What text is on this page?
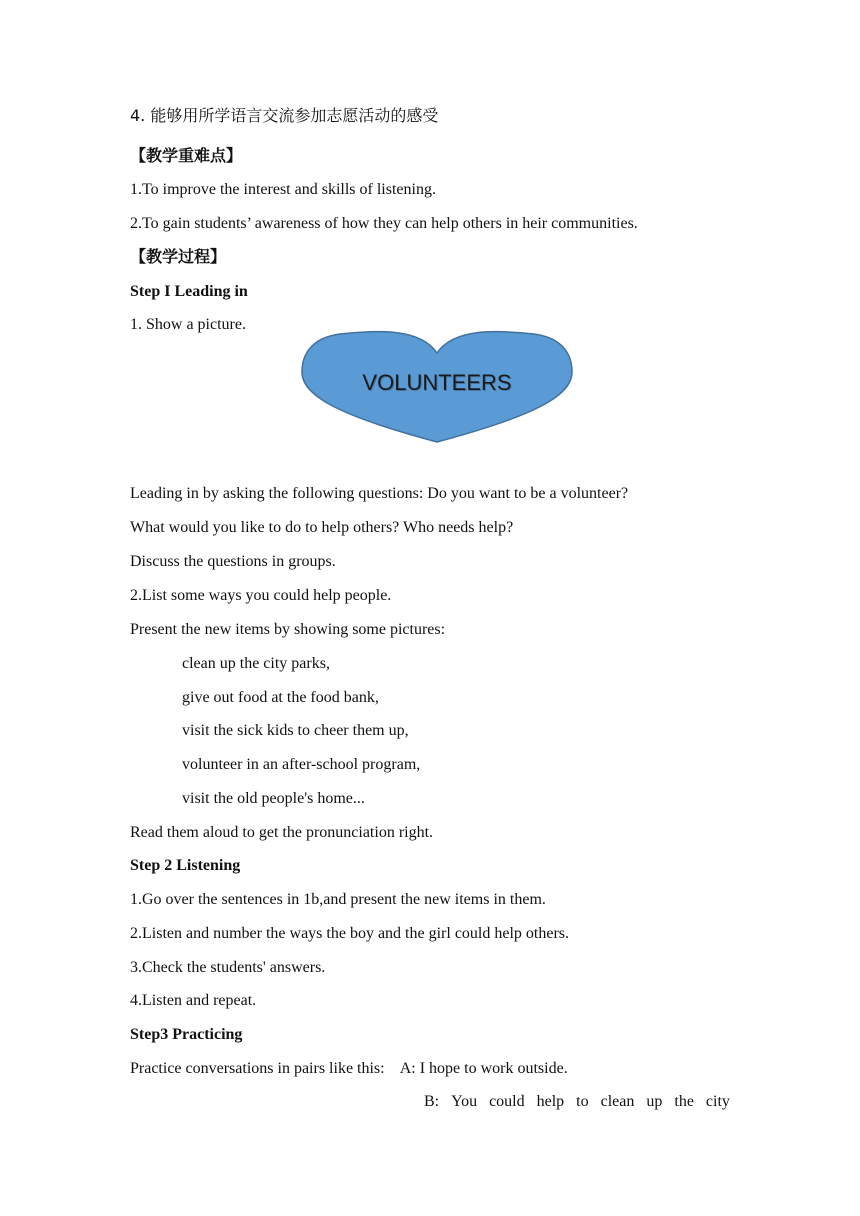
4. 能够用所学语言交流参加志愿活动的感受
【教学重难点】
1.To improve the interest and skills of listening.
2.To gain students’ awareness of how they can help others in heir communities.
【教学过程】
Step I Leading in
1. Show a picture.
VOLUNTEERS
Leading in by asking the following questions: Do you want to be a volunteer?
What would you like to do to help others? Who needs help?
Discuss the questions in groups.
2.List some ways you could help people.
Present the new items by showing some pictures:
clean up the city parks,
give out food at the food bank,
visit the sick kids to cheer them up,
volunteer in an after-school program,
visit the old people's home...
Read them aloud to get the pronunciation right.
Step 2 Listening
1.Go over the sentences in 1b,and present the new items in them.
2.Listen and number the ways the boy and the girl could help others.
3.Check the students' answers.
4.Listen and repeat.
Step3 Practicing
Practice conversations in pairs like this:    A: I hope to work outside.
B: You could help to clean up the city
